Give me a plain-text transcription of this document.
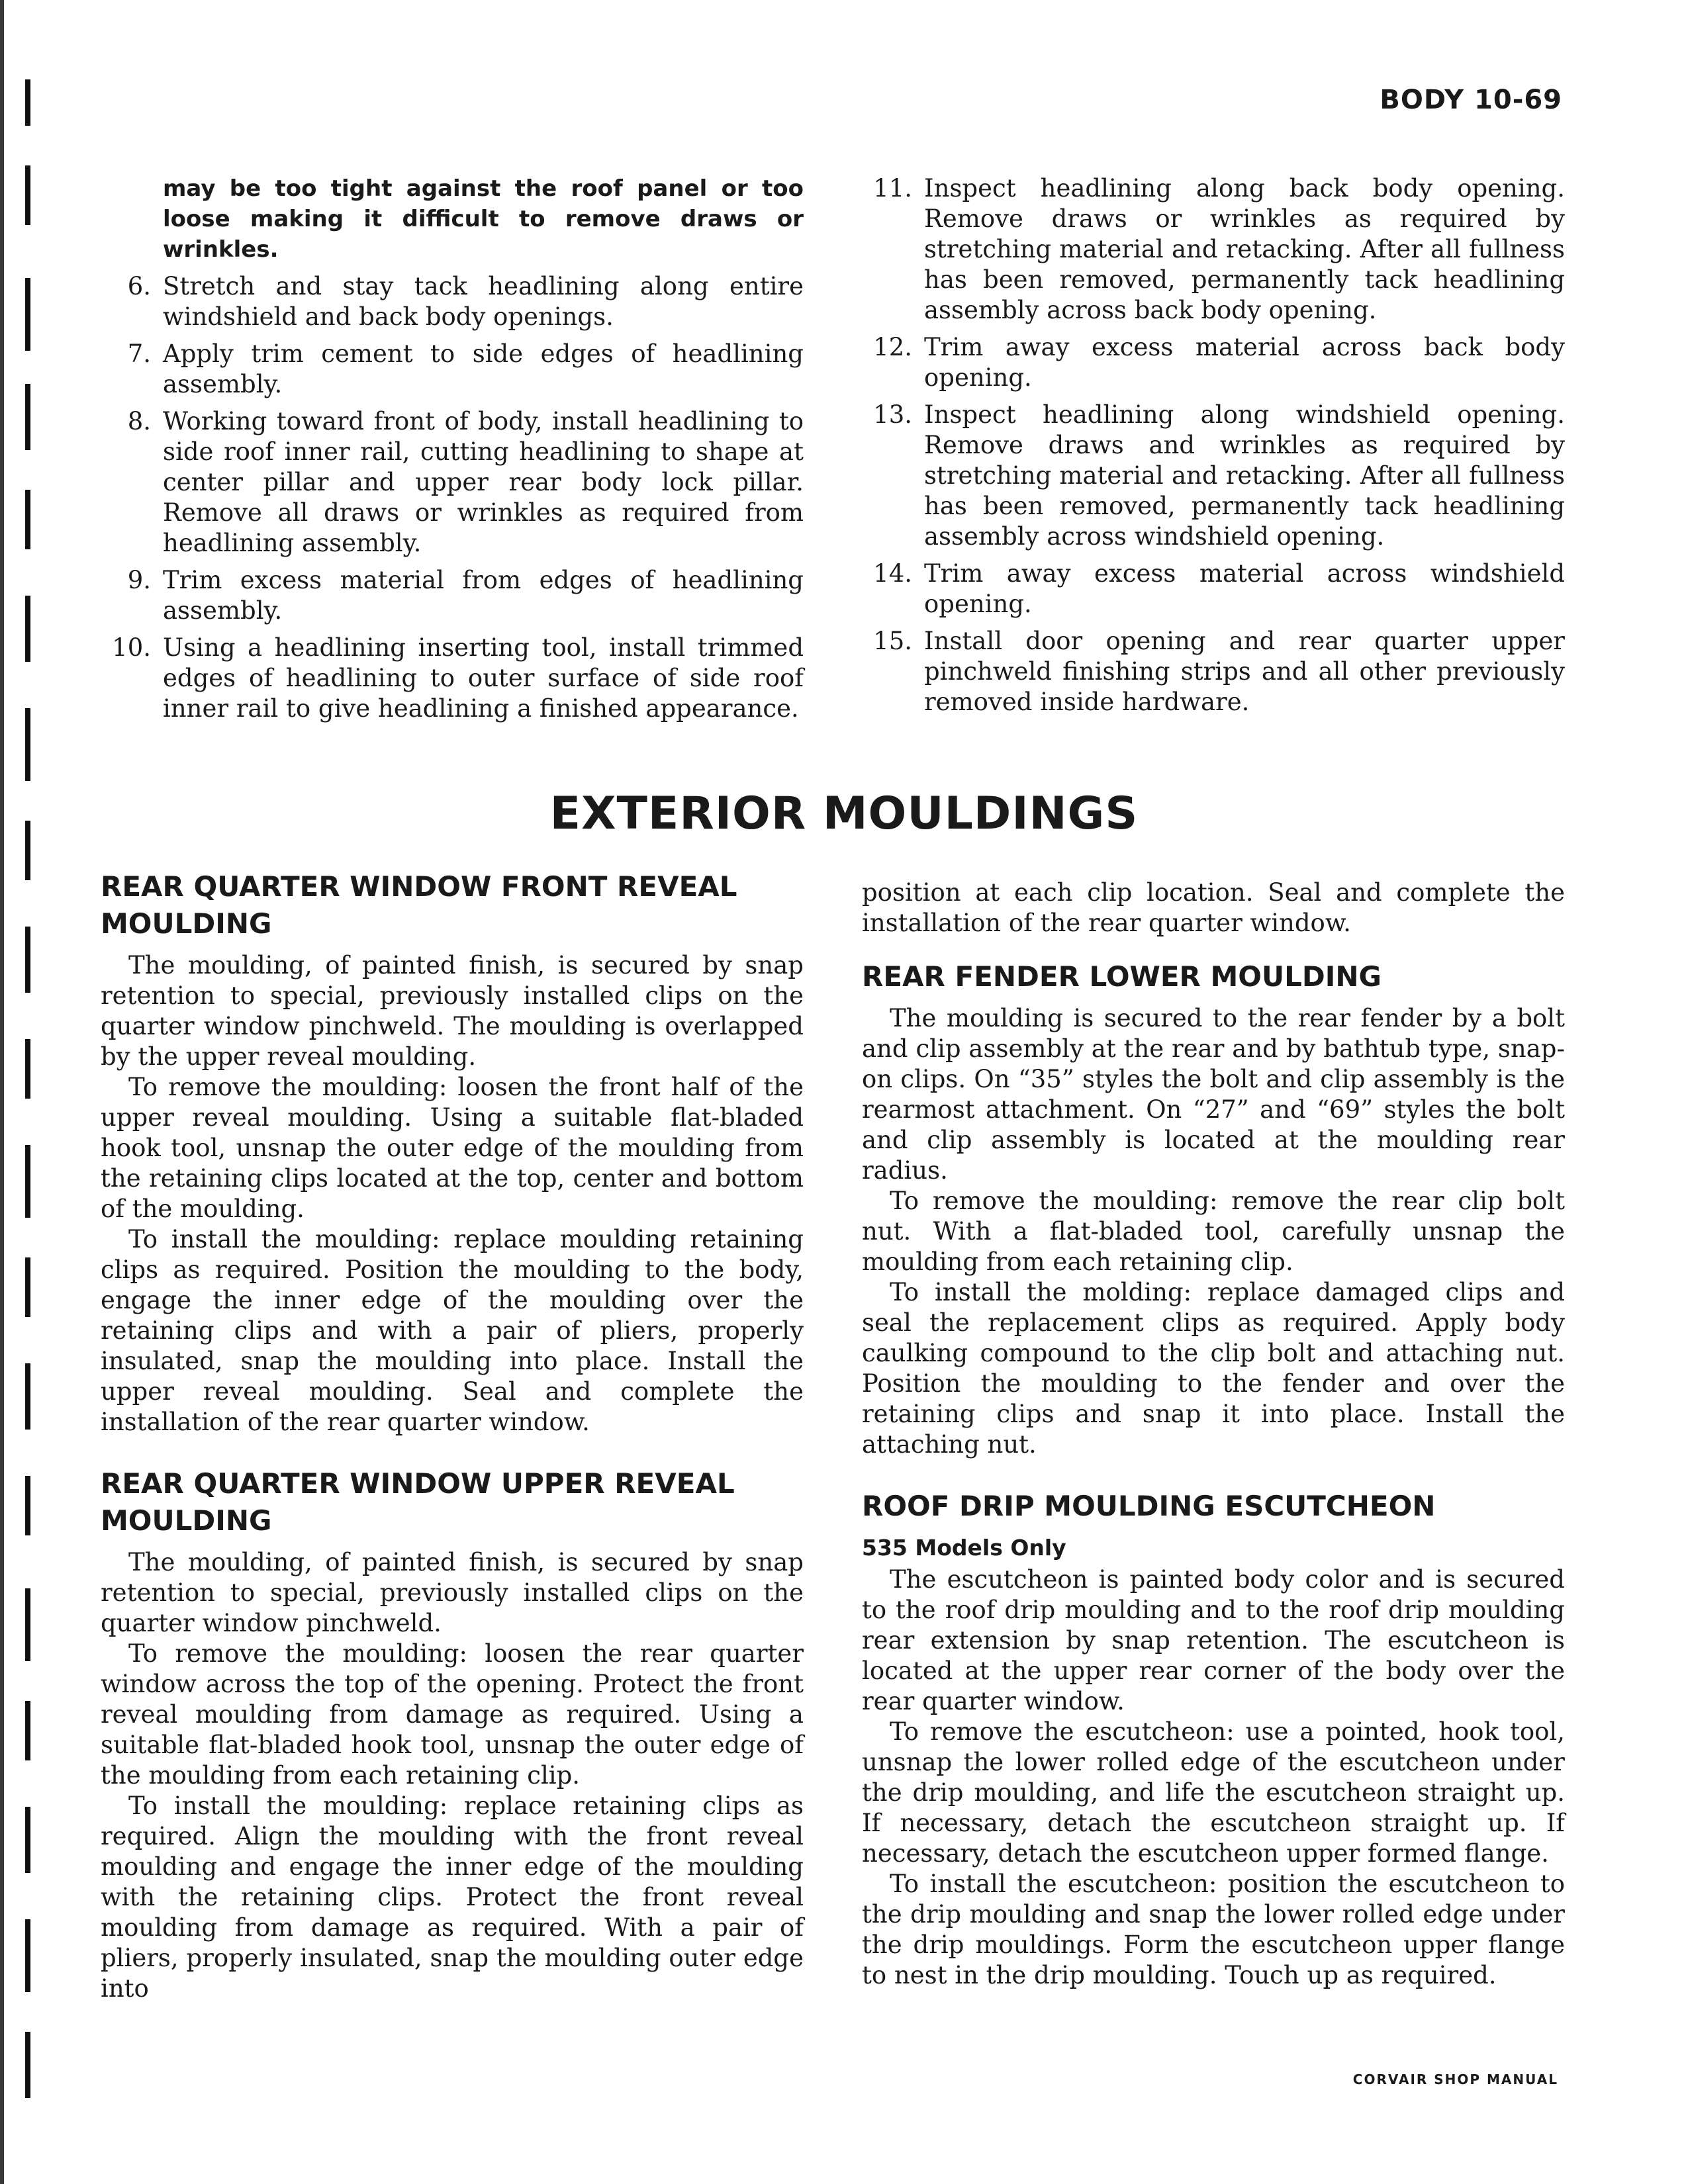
BODY 10-69

may be too tight against the roof panel or too loose making it difficult to remove draws or wrinkles.

6. Stretch and stay tack headlining along entire windshield and back body openings.
7. Apply trim cement to side edges of headlining assembly.
8. Working toward front of body, install headlining to side roof inner rail, cutting headlining to shape at center pillar and upper rear body lock pillar. Remove all draws or wrinkles as required from headlining assembly.
9. Trim excess material from edges of headlining assembly.
10. Using a headlining inserting tool, install trimmed edges of headlining to outer surface of side roof inner rail to give headlining a finished appearance.
11. Inspect headlining along back body opening. Remove draws or wrinkles as required by stretching material and retacking. After all fullness has been removed, permanently tack headlining assembly across back body opening.
12. Trim away excess material across back body opening.
13. Inspect headlining along windshield opening. Remove draws and wrinkles as required by stretching material and retacking. After all fullness has been removed, permanently tack headlining assembly across windshield opening.
14. Trim away excess material across windshield opening.
15. Install door opening and rear quarter upper pinchweld finishing strips and all other previously removed inside hardware.
EXTERIOR MOULDINGS
REAR QUARTER WINDOW FRONT REVEAL MOULDING

The moulding, of painted finish, is secured by snap retention to special, previously installed clips on the quarter window pinchweld. The moulding is overlapped by the upper reveal moulding.

To remove the moulding: loosen the front half of the upper reveal moulding. Using a suitable flat-bladed hook tool, unsnap the outer edge of the moulding from the retaining clips located at the top, center and bottom of the moulding.

To install the moulding: replace moulding retaining clips as required. Position the moulding to the body, engage the inner edge of the moulding over the retaining clips and with a pair of pliers, properly insulated, snap the moulding into place. Install the upper reveal moulding. Seal and complete the installation of the rear quarter window.

REAR QUARTER WINDOW UPPER REVEAL MOULDING

The moulding, of painted finish, is secured by snap retention to special, previously installed clips on the quarter window pinchweld.

To remove the moulding: loosen the rear quarter window across the top of the opening. Protect the front reveal moulding from damage as required. Using a suitable flat-bladed hook tool, unsnap the outer edge of the moulding from each retaining clip.

To install the moulding: replace retaining clips as required. Align the moulding with the front reveal moulding and engage the inner edge of the moulding with the retaining clips. Protect the front reveal moulding from damage as required. With a pair of pliers, properly insulated, snap the moulding outer edge into

position at each clip location. Seal and complete the installation of the rear quarter window.

REAR FENDER LOWER MOULDING

The moulding is secured to the rear fender by a bolt and clip assembly at the rear and by bathtub type, snap-on clips. On “35” styles the bolt and clip assembly is the rearmost attachment. On “27” and “69” styles the bolt and clip assembly is located at the moulding rear radius.

To remove the moulding: remove the rear clip bolt nut. With a flat-bladed tool, carefully unsnap the moulding from each retaining clip.

To install the molding: replace damaged clips and seal the replacement clips as required. Apply body caulking compound to the clip bolt and attaching nut. Position the moulding to the fender and over the retaining clips and snap it into place. Install the attaching nut.

ROOF DRIP MOULDING ESCUTCHEON
535 Models Only

The escutcheon is painted body color and is secured to the roof drip moulding and to the roof drip moulding rear extension by snap retention. The escutcheon is located at the upper rear corner of the body over the rear quarter window.

To remove the escutcheon: use a pointed, hook tool, unsnap the lower rolled edge of the escutcheon under the drip moulding, and life the escutcheon straight up. If necessary, detach the escutcheon straight up. If necessary, detach the escutcheon upper formed flange.

To install the escutcheon: position the escutcheon to the drip moulding and snap the lower rolled edge under the drip mouldings. Form the escutcheon upper flange to nest in the drip moulding. Touch up as required.

CORVAIR SHOP MANUAL
